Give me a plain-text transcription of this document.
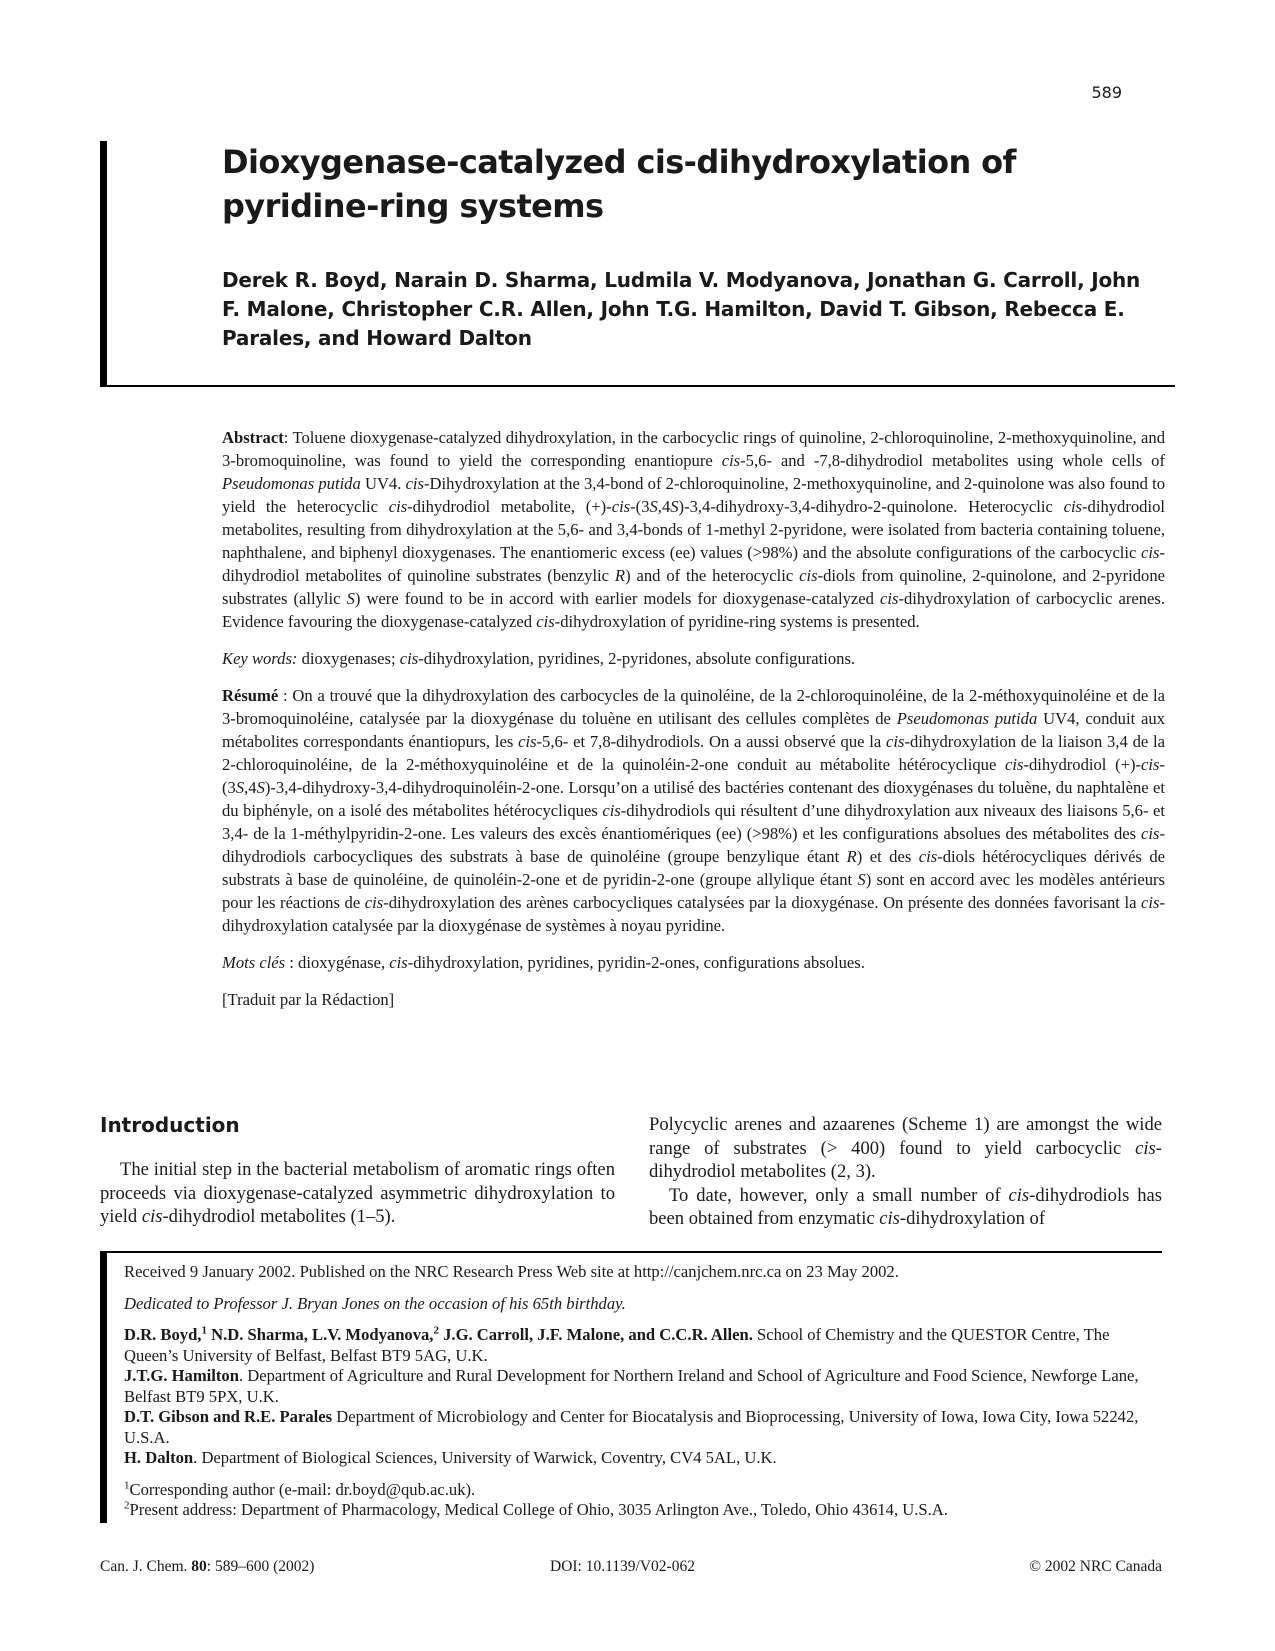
589
Dioxygenase-catalyzed cis-dihydroxylation of pyridine-ring systems

Derek R. Boyd, Narain D. Sharma, Ludmila V. Modyanova, Jonathan G. Carroll, John F. Malone, Christopher C.R. Allen, John T.G. Hamilton, David T. Gibson, Rebecca E. Parales, and Howard Dalton

Abstract: Toluene dioxygenase-catalyzed dihydroxylation, in the carbocyclic rings of quinoline, 2-chloroquinoline, 2-methoxyquinoline, and 3-bromoquinoline, was found to yield the corresponding enantiopure cis-5,6- and -7,8-dihydrodiol metabolites using whole cells of Pseudomonas putida UV4. cis-Dihydroxylation at the 3,4-bond of 2-chloroquinoline, 2-methoxyquinoline, and 2-quinolone was also found to yield the heterocyclic cis-dihydrodiol metabolite, (+)-cis-(3S,4S)-3,4-dihydroxy-3,4-dihydro-2-quinolone. Heterocyclic cis-dihydrodiol metabolites, resulting from dihydroxylation at the 5,6- and 3,4-bonds of 1-methyl 2-pyridone, were isolated from bacteria containing toluene, naphthalene, and biphenyl dioxygenases. The enantiomeric excess (ee) values (>98%) and the absolute configurations of the carbocyclic cis-dihydrodiol metabolites of quinoline substrates (benzylic R) and of the heterocyclic cis-diols from quinoline, 2-quinolone, and 2-pyridone substrates (allylic S) were found to be in accord with earlier models for dioxygenase-catalyzed cis-dihydroxylation of carbocyclic arenes. Evidence favouring the dioxygenase-catalyzed cis-dihydroxylation of pyridine-ring systems is presented.

Key words: dioxygenases; cis-dihydroxylation, pyridines, 2-pyridones, absolute configurations.

Résumé : On a trouvé que la dihydroxylation des carbocycles de la quinoléine, de la 2-chloroquinoléine, de la 2-méthoxyquinoléine et de la 3-bromoquinoléine, catalysée par la dioxygénase du toluène en utilisant des cellules complètes de Pseudomonas putida UV4, conduit aux métabolites correspondants énantiopurs, les cis-5,6- et 7,8-dihydrodiols. On a aussi observé que la cis-dihydroxylation de la liaison 3,4 de la 2-chloroquinoléine, de la 2-méthoxyquinoléine et de la quinoléin-2-one conduit au métabolite hétérocyclique cis-dihydrodiol (+)-cis-(3S,4S)-3,4-dihydroxy-3,4-dihydroquinoléin-2-one. Lorsqu’on a utilisé des bactéries contenant des dioxygénases du toluène, du naphtalène et du biphényle, on a isolé des métabolites hétérocycliques cis-dihydrodiols qui résultent d’une dihydroxylation aux niveaux des liaisons 5,6- et 3,4- de la 1-méthylpyridin-2-one. Les valeurs des excès énantiomériques (ee) (>98%) et les configurations absolues des métabolites des cis-dihydrodiols carbocycliques des substrats à base de quinoléine (groupe benzylique étant R) et des cis-diols hétérocycliques dérivés de substrats à base de quinoléine, de quinoléin-2-one et de pyridin-2-one (groupe allylique étant S) sont en accord avec les modèles antérieurs pour les réactions de cis-dihydroxylation des arènes carbocycliques catalysées par la dioxygénase. On présente des données favorisant la cis-dihydroxylation catalysée par la dioxygénase de systèmes à noyau pyridine.

Mots clés : dioxygénase, cis-dihydroxylation, pyridines, pyridin-2-ones, configurations absolues.

[Traduit par la Rédaction]

Introduction

The initial step in the bacterial metabolism of aromatic rings often proceeds via dioxygenase-catalyzed asymmetric dihydroxylation to yield cis-dihydrodiol metabolites (1–5).

Polycyclic arenes and azaarenes (Scheme 1) are amongst the wide range of substrates (> 400) found to yield carbocyclic cis-dihydrodiol metabolites (2, 3).

To date, however, only a small number of cis-dihydrodiols has been obtained from enzymatic cis-dihydroxylation of

Received 9 January 2002. Published on the NRC Research Press Web site at http://canjchem.nrc.ca on 23 May 2002.

Dedicated to Professor J. Bryan Jones on the occasion of his 65th birthday.

D.R. Boyd,$^1$ N.D. Sharma, L.V. Modyanova,$^2$ J.G. Carroll, J.F. Malone, and C.C.R. Allen. School of Chemistry and the QUESTOR Centre, The Queen’s University of Belfast, Belfast BT9 5AG, U.K.

J.T.G. Hamilton. Department of Agriculture and Rural Development for Northern Ireland and School of Agriculture and Food Science, Newforge Lane, Belfast BT9 5PX, U.K.

D.T. Gibson and R.E. Parales Department of Microbiology and Center for Biocatalysis and Bioprocessing, University of Iowa, Iowa City, Iowa 52242, U.S.A.

H. Dalton. Department of Biological Sciences, University of Warwick, Coventry, CV4 5AL, U.K.

$^1$Corresponding author (e-mail: dr.boyd@qub.ac.uk).

$^2$Present address: Department of Pharmacology, Medical College of Ohio, 3035 Arlington Ave., Toledo, Ohio 43614, U.S.A.

Can. J. Chem. 80: 589–600 (2002)	DOI: 10.1139/V02-062	© 2002 NRC Canada
